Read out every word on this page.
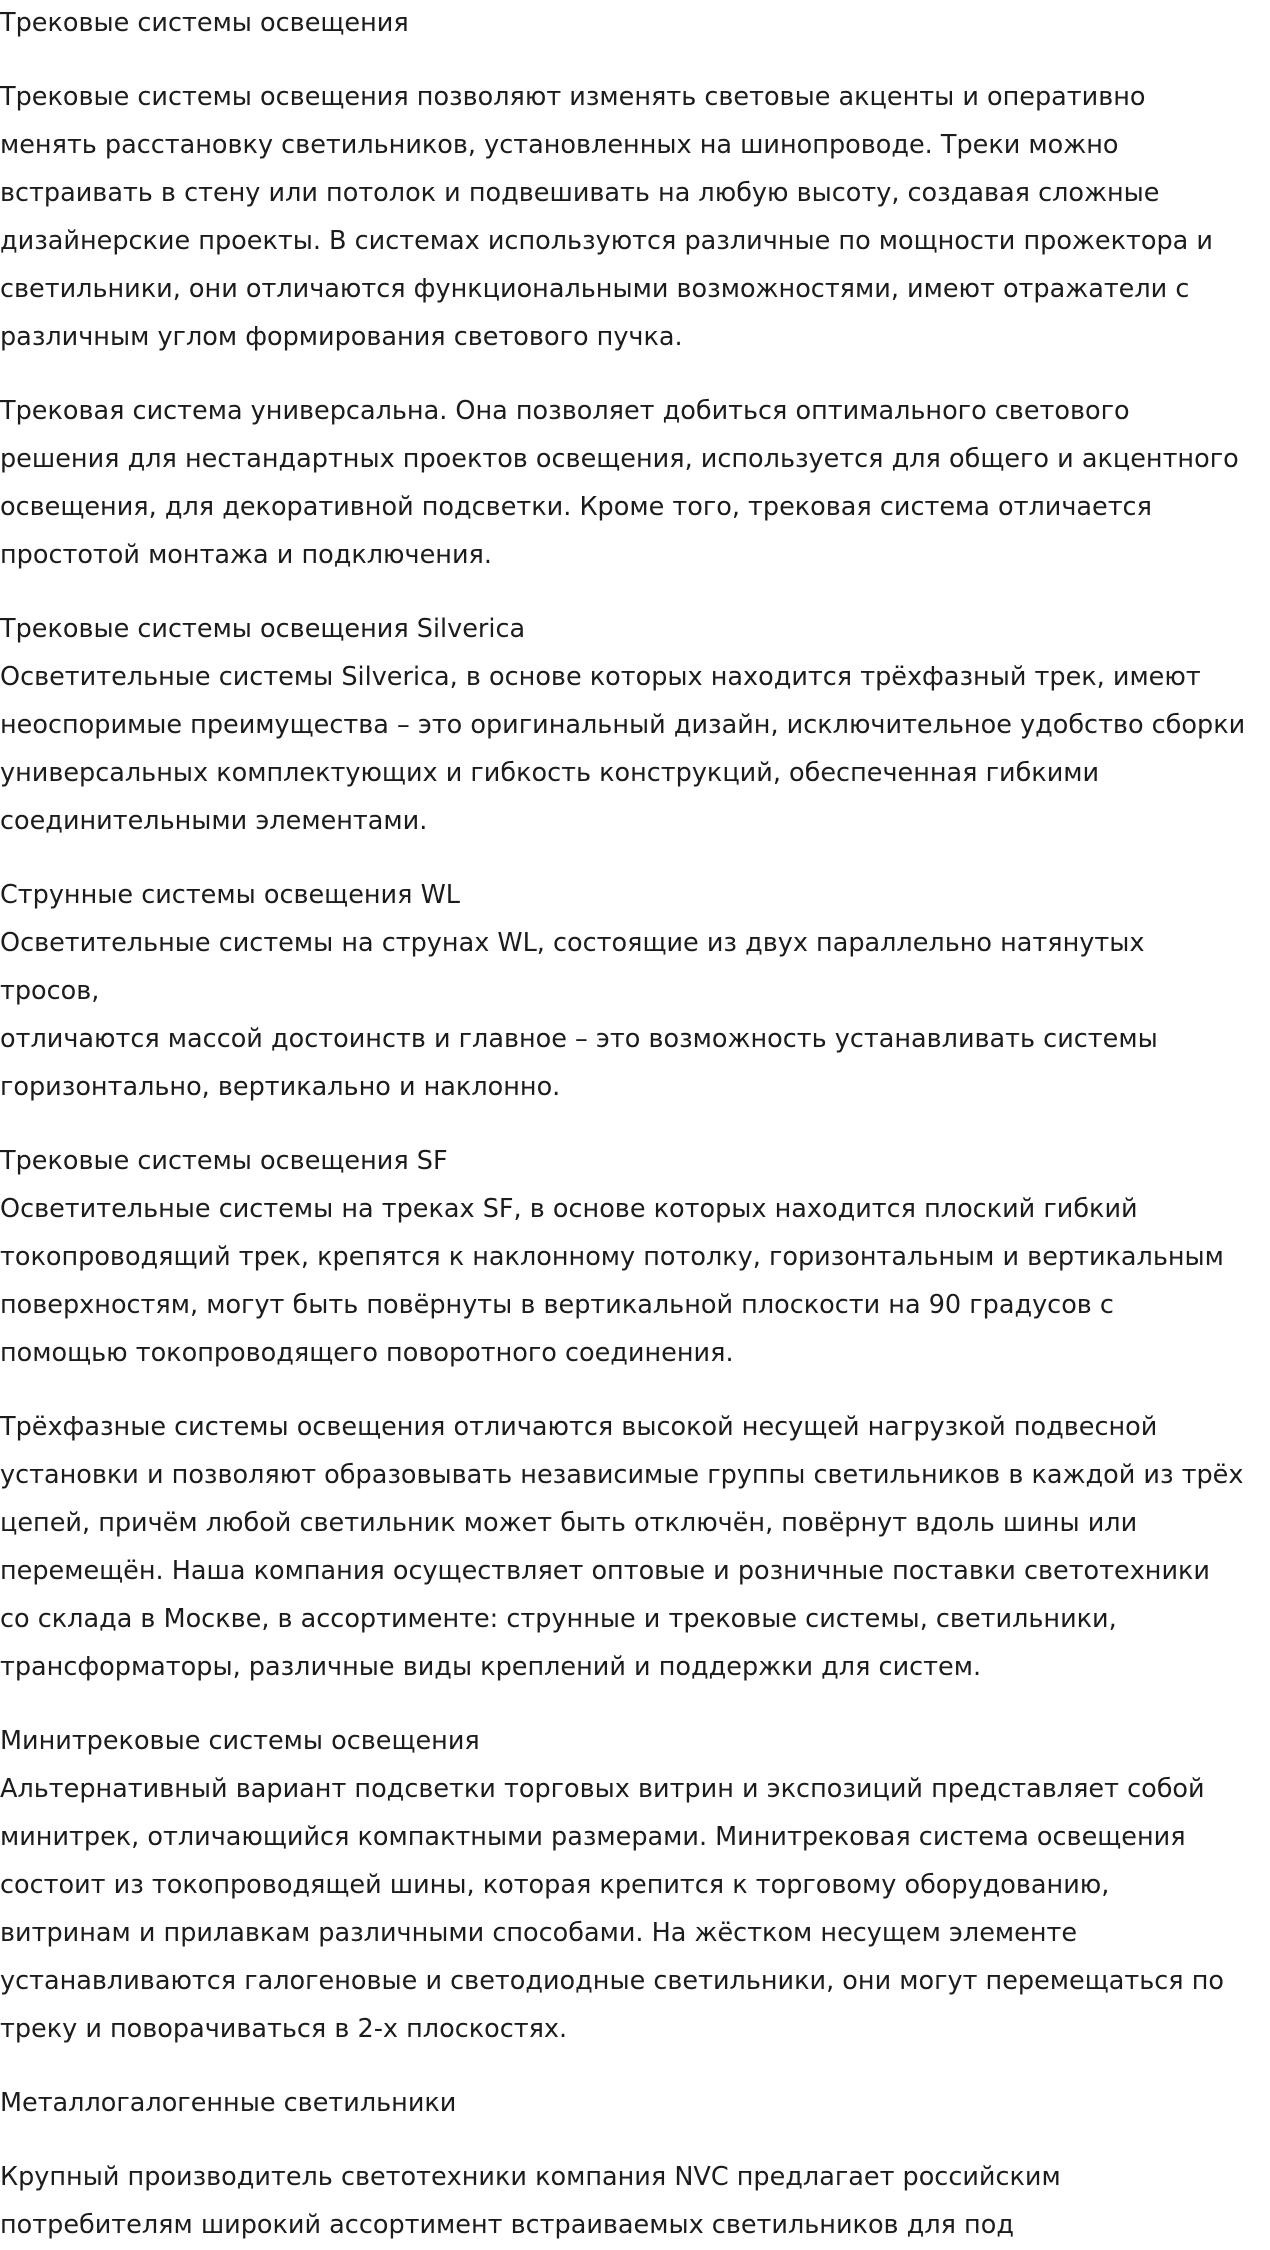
Трековые системы освещения
Трековые системы освещения позволяют изменять световые акценты и оперативно
менять расстановку светильников, установленных на шинопроводе. Треки можно
встраивать в стену или потолок и подвешивать на любую высоту, создавая сложные
дизайнерские проекты. В системах используются различные по мощности прожектора и
светильники, они отличаются функциональными возможностями, имеют отражатели с
различным углом формирования светового пучка.
Трековая система универсальна. Она позволяет добиться оптимального светового
решения для нестандартных проектов освещения, используется для общего и акцентного
освещения, для декоративной подсветки. Кроме того, трековая система отличается
простотой монтажа и подключения.
Трековые системы освещения Silverica
Осветительные системы Silverica, в основе которых находится трёхфазный трек, имеют
неоспоримые преимущества – это оригинальный дизайн, исключительное удобство сборки
универсальных комплектующих и гибкость конструкций, обеспеченная гибкими
соединительными элементами.
Струнные системы освещения WL
Осветительные системы на струнах WL, состоящие из двух параллельно натянутых
тросов,
отличаются массой достоинств и главное – это возможность устанавливать системы
горизонтально, вертикально и наклонно.
Трековые системы освещения SF
Осветительные системы на треках SF, в основе которых находится плоский гибкий
токопроводящий трек, крепятся к наклонному потолку, горизонтальным и вертикальным
поверхностям, могут быть повёрнуты в вертикальной плоскости на 90 градусов с
помощью токопроводящего поворотного соединения.
Трёхфазные системы освещения отличаются высокой несущей нагрузкой подвесной
установки и позволяют образовывать независимые группы светильников в каждой из трёх
цепей, причём любой светильник может быть отключён, повёрнут вдоль шины или
перемещён. Наша компания осуществляет оптовые и розничные поставки светотехники
со склада в Москве, в ассортименте: струнные и трековые системы, светильники,
трансформаторы, различные виды креплений и поддержки для систем.
Минитрековые системы освещения
Альтернативный вариант подсветки торговых витрин и экспозиций представляет собой
минитрек, отличающийся компактными размерами. Минитрековая система освещения
состоит из токопроводящей шины, которая крепится к торговому оборудованию,
витринам и прилавкам различными способами. На жёстком несущем элементе
устанавливаются галогеновые и светодиодные светильники, они могут перемещаться по
треку и поворачиваться в 2-х плоскостях.
Металлогалогенные светильники
Крупный производитель светотехники компания NVC предлагает российским
потребителям широкий ассортимент встраиваемых светильников для под
